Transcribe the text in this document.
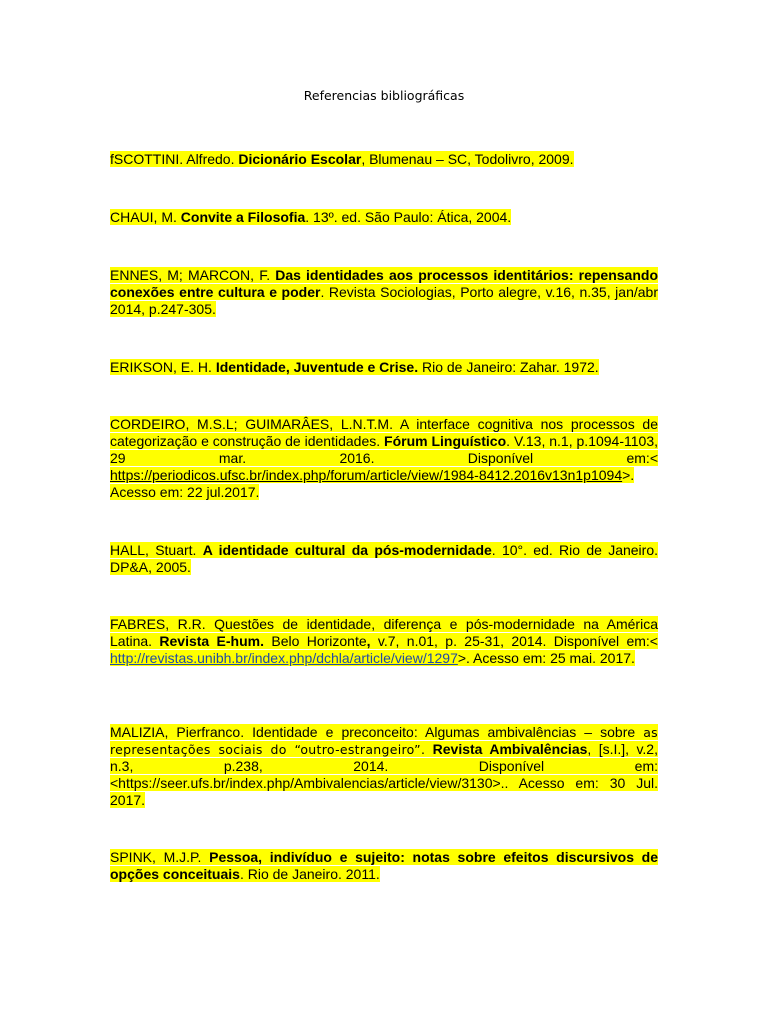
Referencias bibliográficas

fSCOTTINI. Alfredo. Dicionário Escolar, Blumenau – SC, Todolivro, 2009.

CHAUI, M. Convite a Filosofia. 13º. ed. São Paulo: Ática, 2004.

ENNES, M; MARCON, F. Das identidades aos processos identitários: repensando conexões entre cultura e poder. Revista Sociologias, Porto alegre, v.16, n.35, jan/abr 2014, p.247-305.

ERIKSON, E. H. Identidade, Juventude e Crise. Rio de Janeiro: Zahar. 1972.

CORDEIRO, M.S.L; GUIMARÂES, L.N.T.M. A interface cognitiva nos processos de categorização e construção de identidades. Fórum Linguístico. V.13, n.1, p.1094-1103, 29 mar. 2016. Disponível em:< https://periodicos.ufsc.br/index.php/forum/article/view/1984-8412.2016v13n1p1094>. Acesso em: 22 jul.2017.

HALL, Stuart. A identidade cultural da pós-modernidade. 10°. ed. Rio de Janeiro. DP&A, 2005.

FABRES, R.R. Questões de identidade, diferença e pós-modernidade na América Latina. Revista E-hum. Belo Horizonte, v.7, n.01, p. 25-31, 2014. Disponível em:< http://revistas.unibh.br/index.php/dchla/article/view/1297>. Acesso em: 25 mai. 2017.

MALIZIA, Pierfranco. Identidade e preconceito: Algumas ambivalências – sobre as representações sociais do “outro-estrangeiro”. Revista Ambivalências, [s.I.], v.2, n.3, p.238, 2014. Disponível em:<https://seer.ufs.br/index.php/Ambivalencias/article/view/3130>.. Acesso em: 30 Jul. 2017.

SPINK, M.J.P. Pessoa, indivíduo e sujeito: notas sobre efeitos discursivos de opções conceituais. Rio de Janeiro. 2011.
